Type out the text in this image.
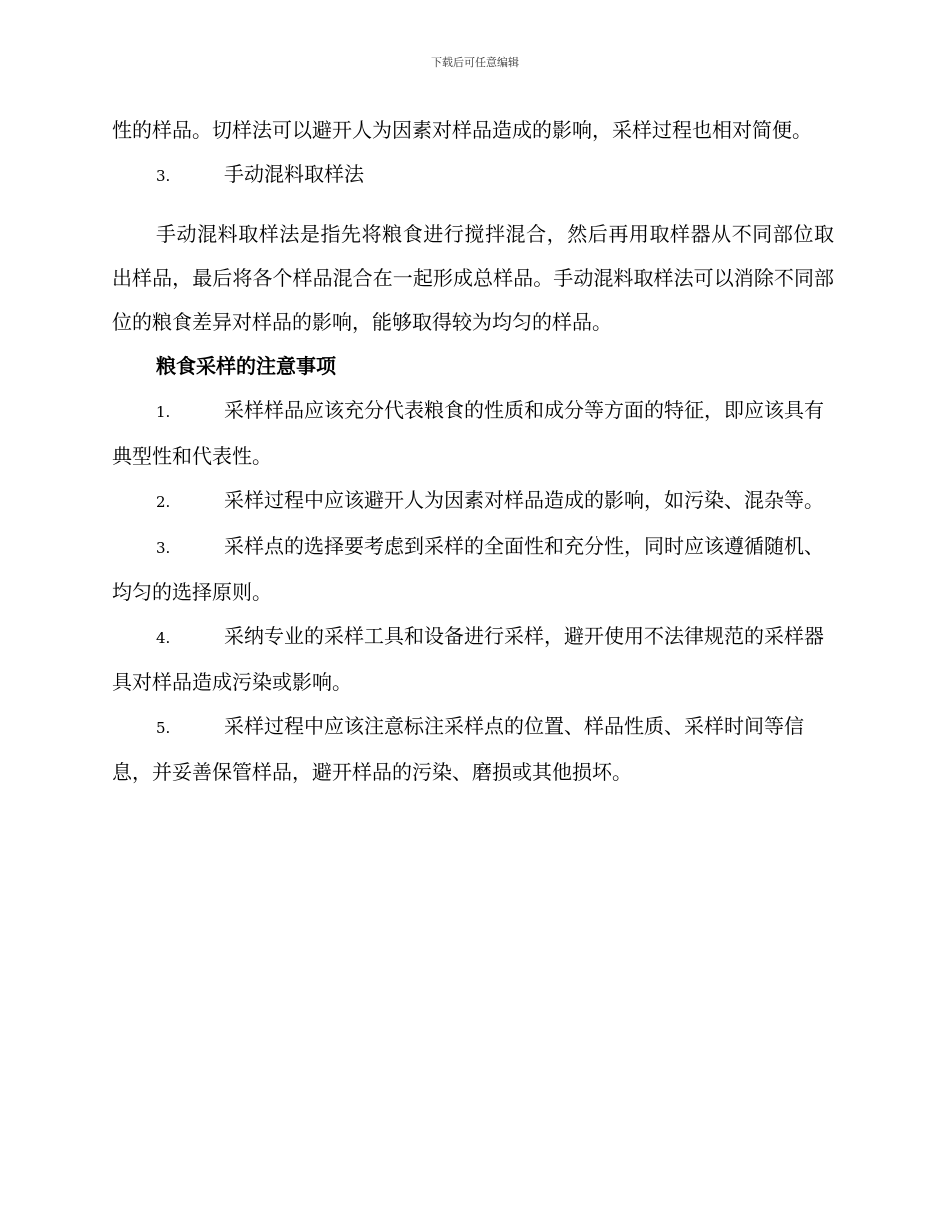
下载后可任意编辑

性的样品。切样法可以避开人为因素对样品造成的影响，采样过程也相对简便。

3.	手动混料取样法

手动混料取样法是指先将粮食进行搅拌混合，然后再用取样器从不同部位取出样品，最后将各个样品混合在一起形成总样品。手动混料取样法可以消除不同部位的粮食差异对样品的影响，能够取得较为均匀的样品。

粮食采样的注意事项

1.	采样样品应该充分代表粮食的性质和成分等方面的特征，即应该具有典型性和代表性。

2.	采样过程中应该避开人为因素对样品造成的影响，如污染、混杂等。

3.	采样点的选择要考虑到采样的全面性和充分性，同时应该遵循随机、均匀的选择原则。

4.	采纳专业的采样工具和设备进行采样，避开使用不法律规范的采样器具对样品造成污染或影响。

5.	采样过程中应该注意标注采样点的位置、样品性质、采样时间等信息，并妥善保管样品，避开样品的污染、磨损或其他损坏。
